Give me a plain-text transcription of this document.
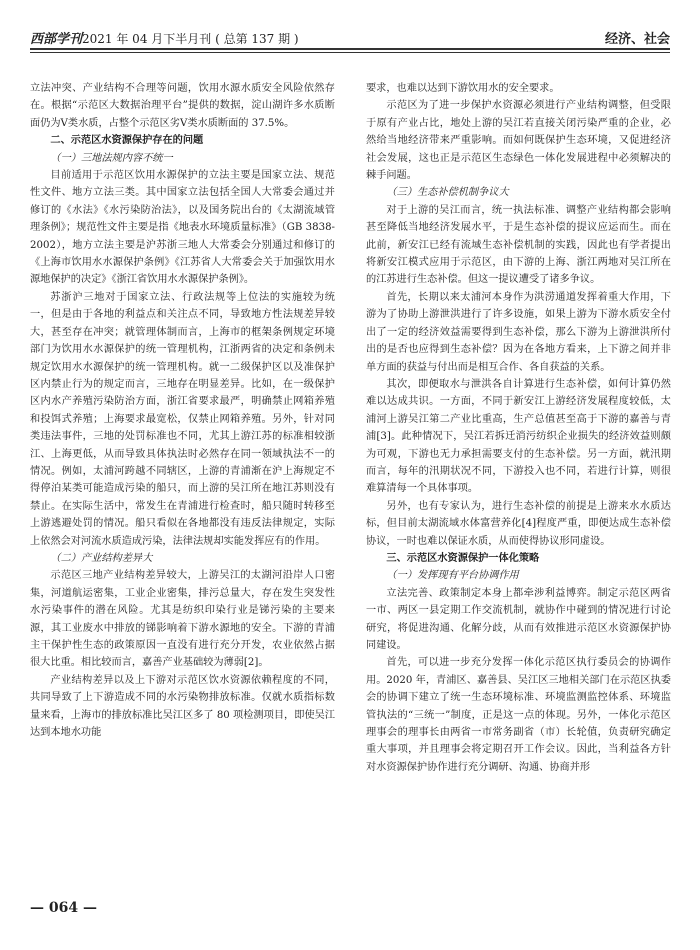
西部学刊2021 年 04 月下半月刊 ( 总第 137 期 )	经济、社会

立法冲突、产业结构不合理等问题，饮用水源水质安全风险依然存在。根据“示范区大数据治理平台”提供的数据，淀山湖许多水质断面仍为Ⅴ类水质，占整个示范区劣Ⅴ类水质断面的 37.5%。

二、示范区水资源保护存在的问题

（一）三地法规内容不统一

目前适用于示范区饮用水源保护的立法主要是国家立法、规范性文件、地方立法三类。其中国家立法包括全国人大常委会通过并修订的《水法》《水污染防治法》，以及国务院出台的《太湖流域管理条例》；规范性文件主要是指《地表水环境质量标准》（GB 3838-2002），地方立法主要是沪苏浙三地人大常委会分别通过和修订的《上海市饮用水水源保护条例》《江苏省人大常委会关于加强饮用水源地保护的决定》《浙江省饮用水水源保护条例》。

苏浙沪三地对于国家立法、行政法规等上位法的实施较为统一，但是由于各地的利益点和关注点不同，导致地方性法规差异较大，甚至存在冲突；就管理体制而言，上海市的框架条例规定环境部门为饮用水水源保护的统一管理机构，江浙两省的决定和条例未规定饮用水水源保护的统一管理机构。就一二级保护区以及准保护区内禁止行为的规定而言，三地存在明显差异。比如，在一级保护区内水产养殖污染防治方面，浙江省要求最严，明确禁止网箱养殖和投饵式养殖；上海要求最宽松，仅禁止网箱养殖。另外，针对同类违法事件，三地的处罚标准也不同，尤其上游江苏的标准相较浙江、上海更低，从而导致具体执法时必然存在同一领域执法不一的情况。例如，太浦河跨越不同辖区，上游的青浦渐在沪上海规定不得停泊某类可能造成污染的船只，而上游的吴江所在地江苏则没有禁止。在实际生活中，常发生在青浦进行检查时，船只随时转移至上游逃避处罚的情况。船只看似在各地都没有违反法律规定，实际上依然会对河流水质造成污染，法律法规却实能发挥应有的作用。

（二）产业结构差异大

示范区三地产业结构差异较大，上游吴江的太湖河沿岸人口密集，河道航运密集，工业企业密集，排污总量大，存在发生突发性水污染事件的潜在风险。尤其是纺织印染行业是锑污染的主要来源，其工业废水中排放的锑影响着下游水源地的安全。下游的青浦主干保护性生态的政策原因一直没有进行充分开发，农业依然占据很大比重。相比较而言，嘉善产业基础较为薄弱[2]。

产业结构差异以及上下游对示范区饮水资源依赖程度的不同，共同导致了上下游造成不同的水污染物排放标准。仅就水质指标数量来看，上海市的排放标准比吴江区多了 80 项检测项目，即使吴江达到本地水功能

要求，也难以达到下游饮用水的安全要求。

示范区为了进一步保护水资源必须进行产业结构调整，但受限于原有产业占比，地处上游的吴江若直接关闭污染严重的企业，必然给当地经济带来严重影响。而如何既保护生态环境，又促进经济社会发展，这也正是示范区生态绿色一体化发展进程中必须解决的棘手问题。

（三）生态补偿机制争议大

对于上游的吴江而言，统一执法标准、调整产业结构都会影响甚至降低当地经济发展水平，于是生态补偿的提议应运而生。而在此前，新安江已经有流域生态补偿机制的实践，因此也有学者提出将新安江模式应用于示范区，由下游的上海、浙江两地对吴江所在的江苏进行生态补偿。但这一提议遭受了诸多争议。

首先，长期以来太浦河本身作为洪涝通道发挥着重大作用，下游为了协助上游泄洪进行了许多设施，如果上游为下游水质安全付出了一定的经济效益需要得到生态补偿，那么下游为上游泄洪所付出的是否也应得到生态补偿？因为在各地方看来，上下游之间并非单方面的获益与付出而是相互合作、各自获益的关系。

其次，即便取水与泄洪各自计算进行生态补偿，如何计算仍然难以达成共识。一方面，不同于新安江上游经济发展程度较低，太浦河上游吴江第二产业比重高，生产总值甚至高于下游的嘉善与青浦[3]。此种情况下，吴江若拆迁消污纺织企业损失的经济效益则颇为可观，下游也无力承担需要支付的生态补偿。另一方面，就汛期而言，每年的汛期状况不同，下游投入也不同，若进行计算，则很难算清每一个具体事项。

另外，也有专家认为，进行生态补偿的前提是上游来水水质达标，但目前太湖流域水体富营养化[4]程度严重，即便达成生态补偿协议，一时也难以保证水质，从而使得协议形同虚设。

三、示范区水资源保护一体化策略

（一）发挥现有平台协调作用

立法完善、政策制定本身上都牵涉利益博弈。制定示范区两省一市、两区一县定期工作交流机制，就协作中碰到的情况进行讨论研究，将促进沟通、化解分歧，从而有效推进示范区水资源保护协同建设。

首先，可以进一步充分发挥一体化示范区执行委员会的协调作用。2020 年，青浦区、嘉善县、吴江区三地相关部门在示范区执委会的协调下建立了统一生态环境标准、环境监测监控体系、环境监管执法的“三统一”制度，正是这一点的体现。另外，一体化示范区理事会的理事长由两省一市常务副省（市）长轮值，负责研究确定重大事项，并且理事会将定期召开工作会议。因此，当利益各方针对水资源保护协作进行充分调研、沟通、协商并形

— 064 —
